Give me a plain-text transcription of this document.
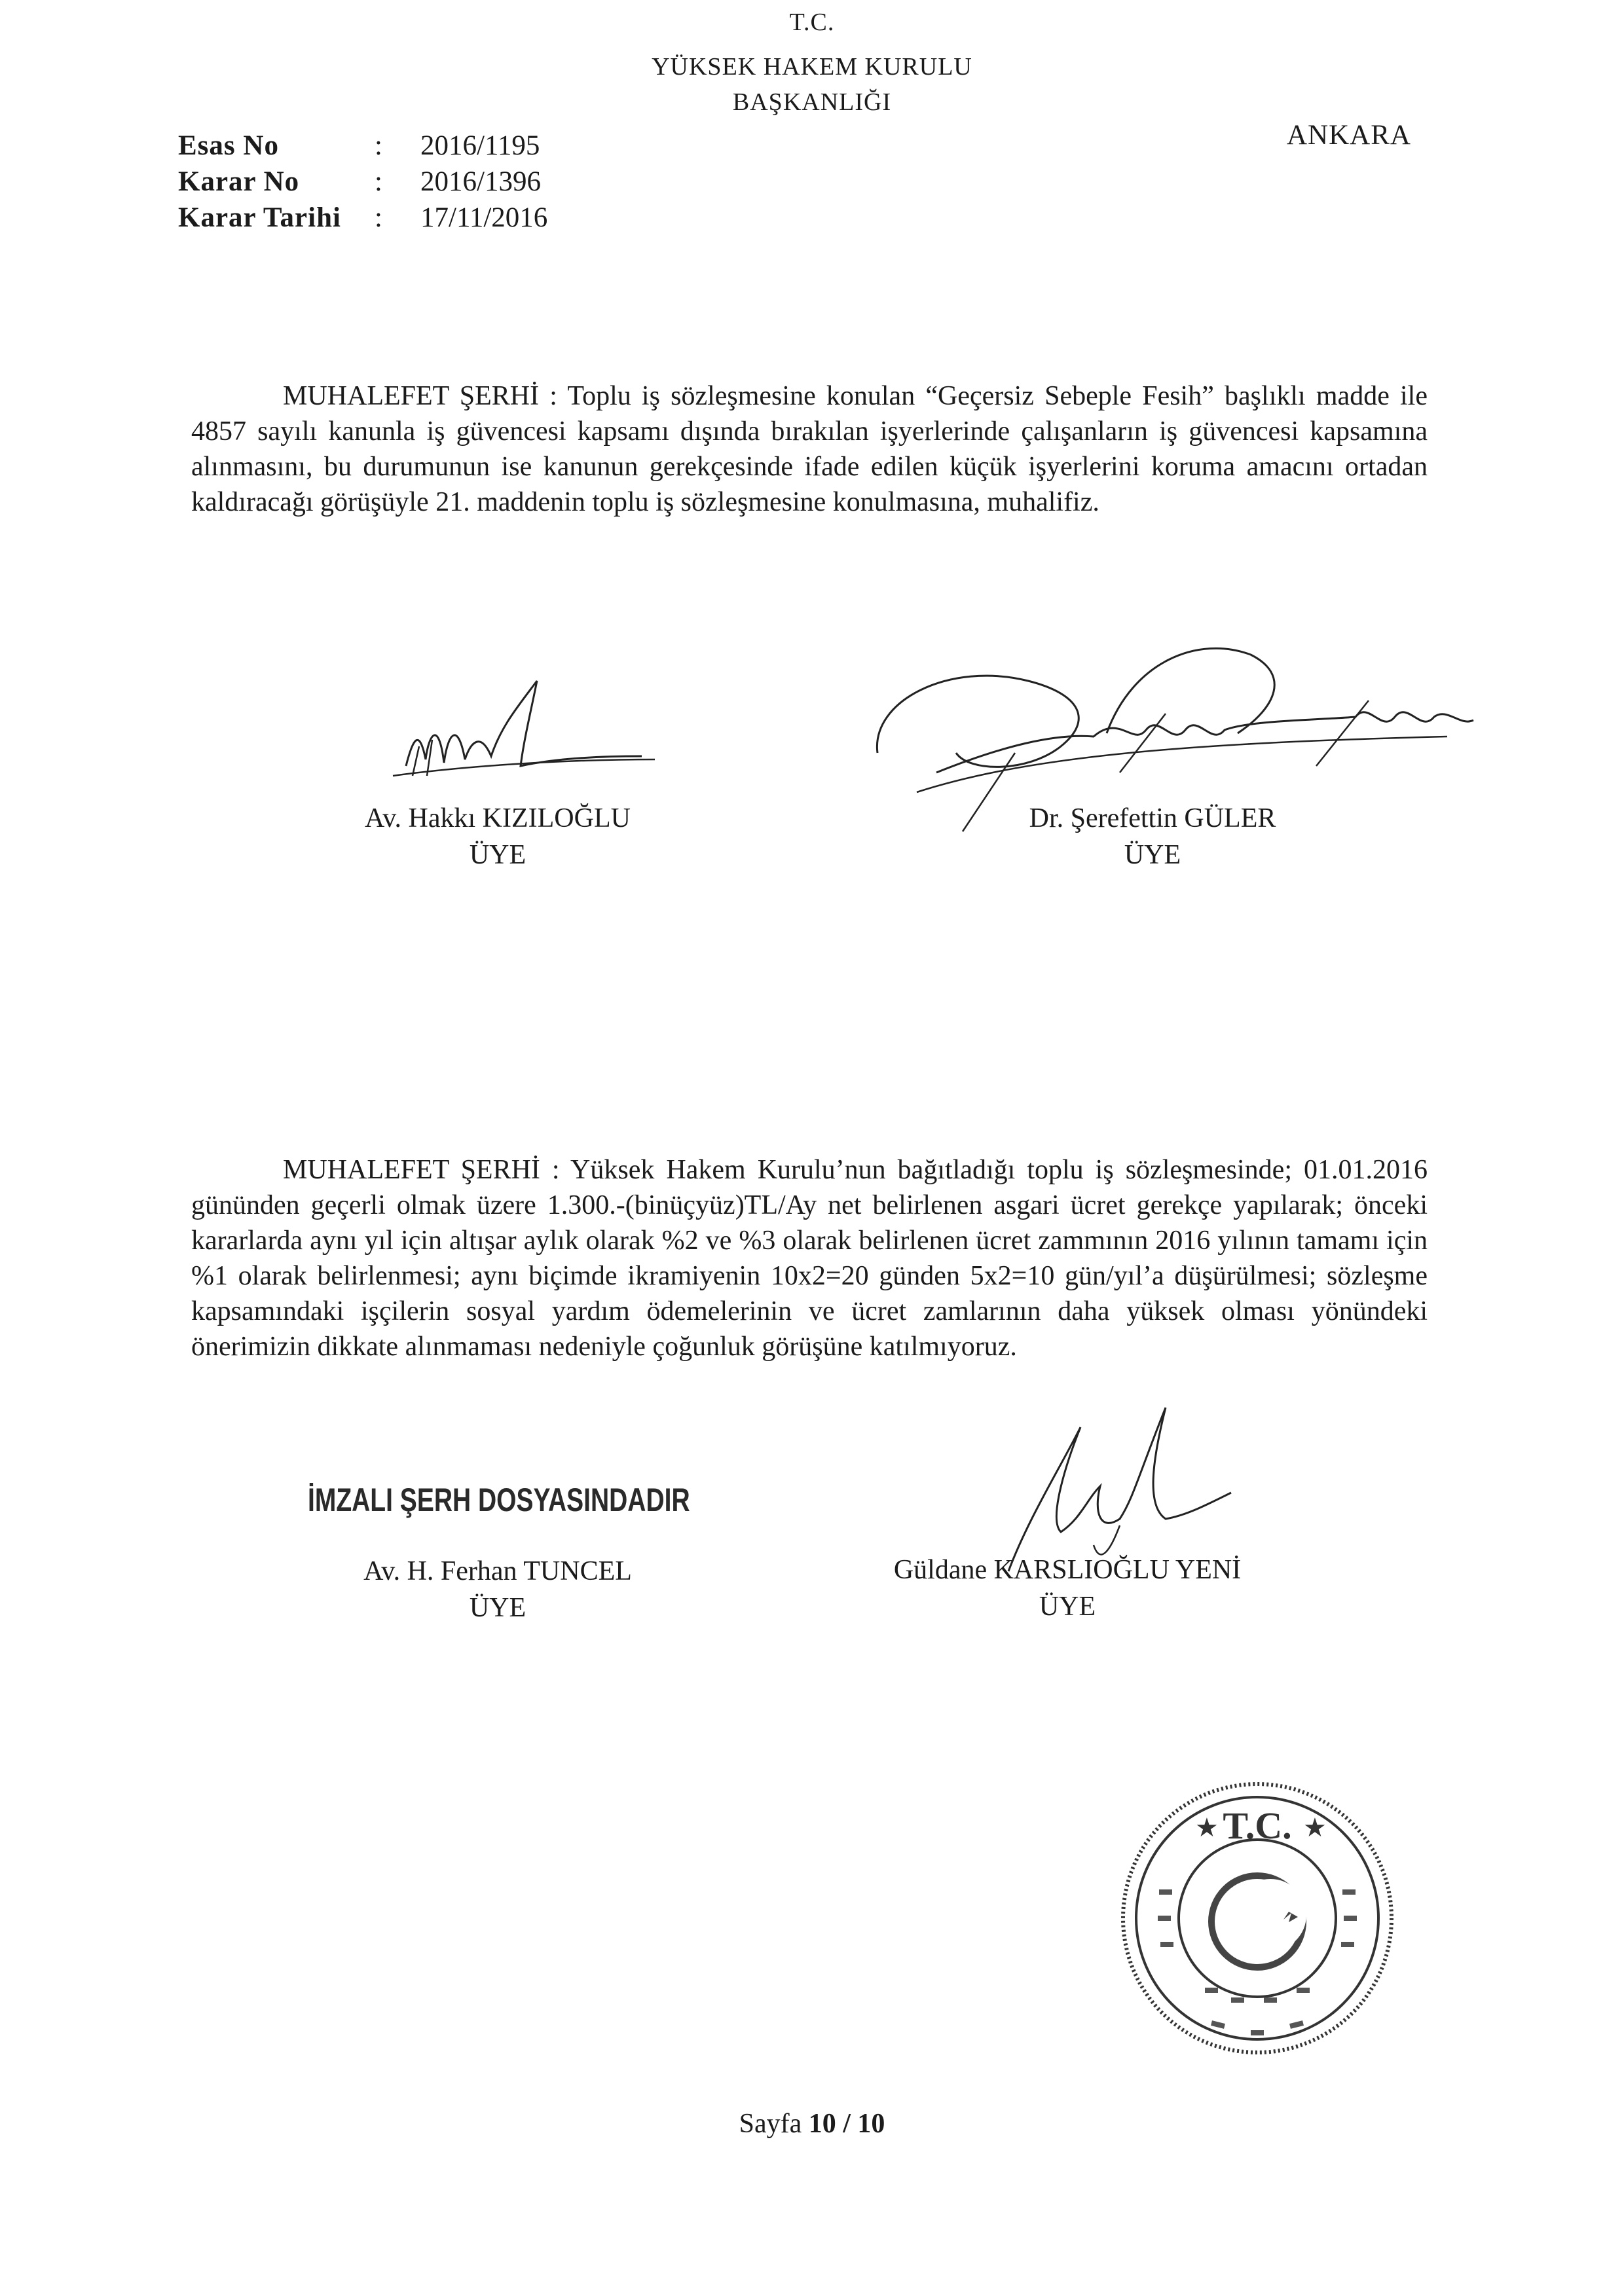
T.C.
YÜKSEK HAKEM KURULU
BAŞKANLIĞI
ANKARA
Esas No	:	2016/1195
Karar No	:	2016/1396
Karar Tarihi	:	17/11/2016

MUHALEFET ŞERHİ : Toplu iş sözleşmesine konulan “Geçersiz Sebeple Fesih” başlıklı madde ile 4857 sayılı kanunla iş güvencesi kapsamı dışında bırakılan işyerlerinde çalışanların iş güvencesi kapsamına alınmasını, bu durumunun ise kanunun gerekçesinde ifade edilen küçük işyerlerini koruma amacını ortadan kaldıracağı görüşüyle 21. maddenin toplu iş sözleşmesine konulmasına, muhalifiz.

Av. Hakkı KIZILOĞLU
ÜYE
Dr. Şerefettin GÜLER
ÜYE

MUHALEFET ŞERHİ : Yüksek Hakem Kurulu’nun bağıtladığı toplu iş sözleşmesinde; 01.01.2016 gününden geçerli olmak üzere 1.300.-(binüçyüz)TL/Ay net belirlenen asgari ücret gerekçe yapılarak; önceki kararlarda aynı yıl için altışar aylık olarak %2 ve %3 olarak belirlenen ücret zammının 2016 yılının tamamı için %1 olarak belirlenmesi; aynı biçimde ikramiyenin 10x2=20 günden 5x2=10 gün/yıl’a düşürülmesi; sözleşme kapsamındaki işçilerin sosyal yardım ödemelerinin ve ücret zamlarının daha yüksek olması yönündeki önerimizin dikkate alınmaması nedeniyle çoğunluk görüşüne katılmıyoruz.

İMZALI ŞERH DOSYASINDADIR
Güldane KARSLIOĞLU YENİ
ÜYE
Av. H. Ferhan TUNCEL
ÜYE
T.C.
★	★
Sayfa 10 / 10
